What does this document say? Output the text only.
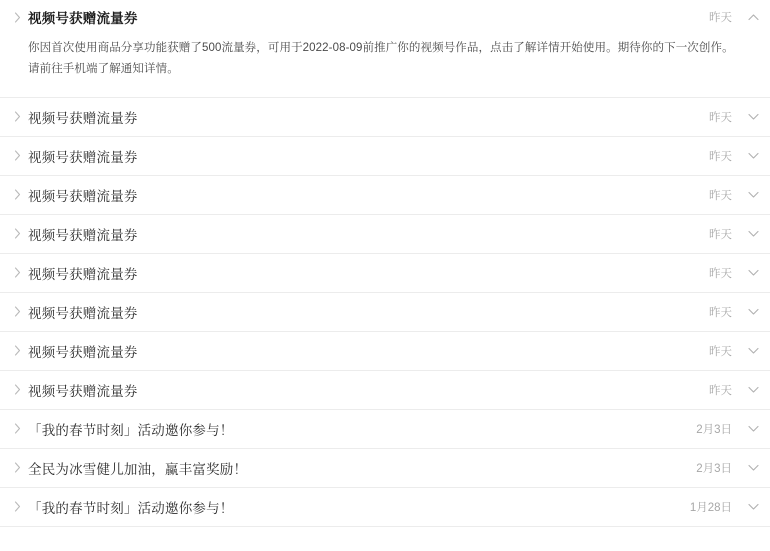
视频号获赠流量券	昨天

你因首次使用商品分享功能获赠了500流量券，可用于2022-08-09前推广你的视频号作品，点击了解详情开始使用。期待你的下一次创作。

请前往手机端了解通知详情。

视频号获赠流量券	昨天
视频号获赠流量券	昨天
视频号获赠流量券	昨天
视频号获赠流量券	昨天
视频号获赠流量券	昨天
视频号获赠流量券	昨天
视频号获赠流量券	昨天
视频号获赠流量券	昨天
「我的春节时刻」活动邀你参与！	2月3日
全民为冰雪健儿加油，赢丰富奖励！	2月3日
「我的春节时刻」活动邀你参与！	1月28日
